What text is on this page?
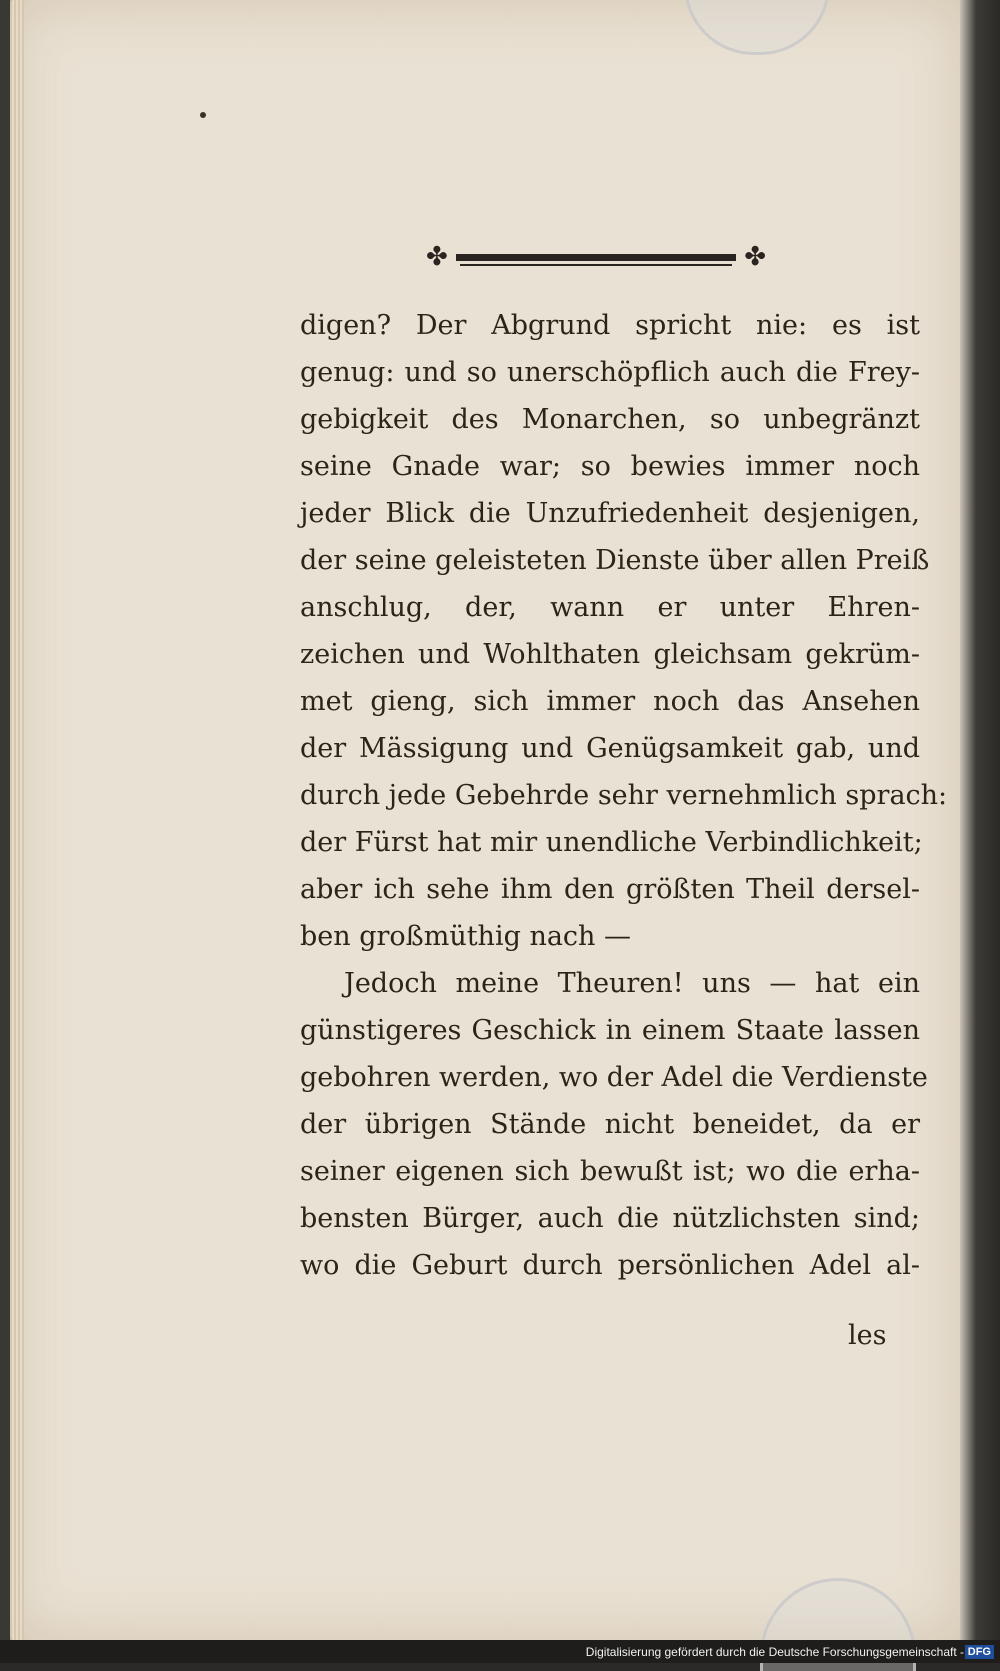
✤	✤
digen? Der Abgrund spricht nie: es ist
genug: und so unerschöpflich auch die Frey-
gebigkeit des Monarchen, so unbegränzt
seine Gnade war; so bewies immer noch
jeder Blick die Unzufriedenheit desjenigen,
der seine geleisteten Dienste über allen Preiß
anschlug, der, wann er unter Ehren-
zeichen und Wohlthaten gleichsam gekrüm-
met gieng, sich immer noch das Ansehen
der Mässigung und Genügsamkeit gab, und
durch jede Gebehrde sehr vernehmlich sprach:
der Fürst hat mir unendliche Verbindlichkeit;
aber ich sehe ihm den größten Theil dersel-
ben großmüthig nach —
Jedoch meine Theuren! uns — hat ein
günstigeres Geschick in einem Staate lassen
gebohren werden, wo der Adel die Verdienste
der übrigen Stände nicht beneidet, da er
seiner eigenen sich bewußt ist; wo die erha-
bensten Bürger, auch die nützlichsten sind;
wo die Geburt durch persönlichen Adel al-
les
Digitalisierung gefördert durch die Deutsche Forschungsgemeinschaft - DFG
